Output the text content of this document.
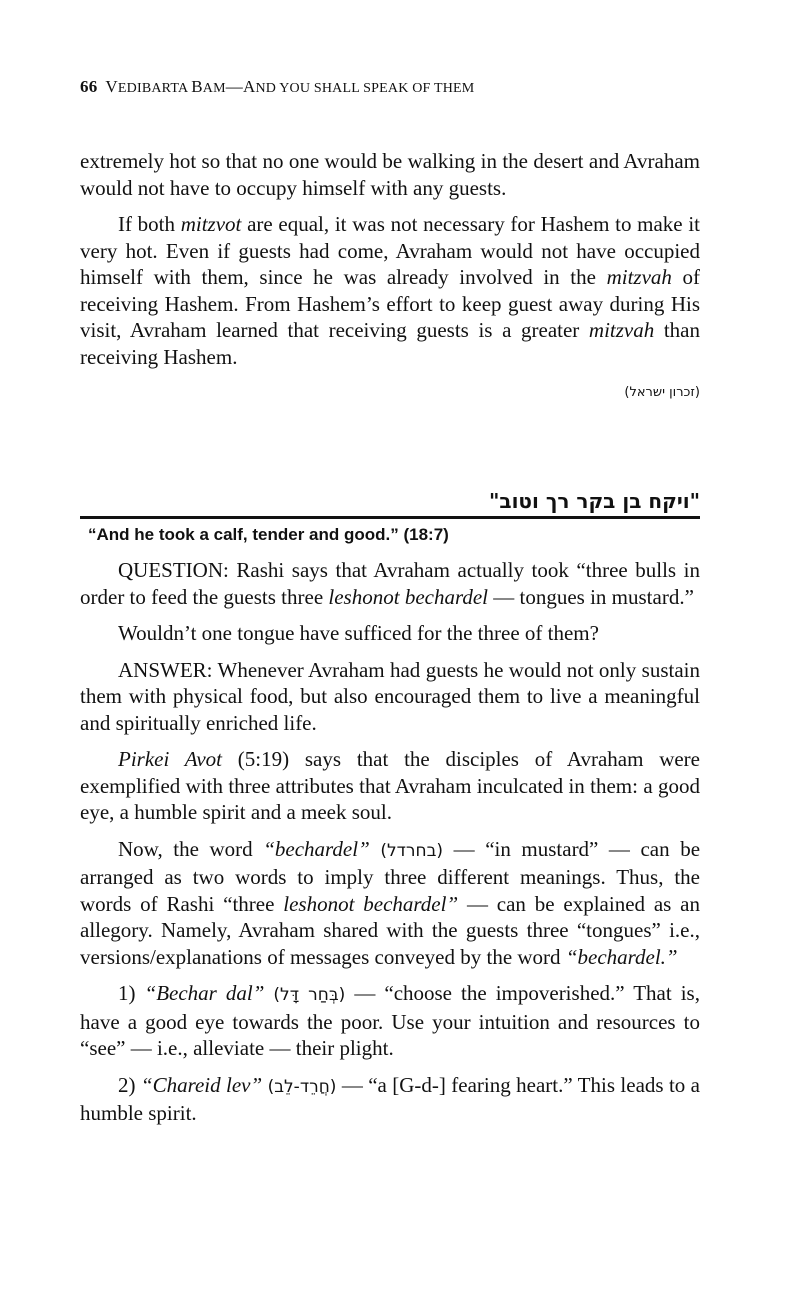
66 VEDIBARTA BAM—AND YOU SHALL SPEAK OF THEM

extremely hot so that no one would be walking in the desert and Avraham would not have to occupy himself with any guests.

If both mitzvot are equal, it was not necessary for Hashem to make it very hot. Even if guests had come, Avraham would not have occupied himself with them, since he was already involved in the mitzvah of receiving Hashem. From Hashem’s effort to keep guest away during His visit, Avraham learned that receiving guests is a greater mitzvah than receiving Hashem.

(זכרון ישראל)
"ויקח בן בקר רך וטוב"
“And he took a calf, tender and good.” (18:7)

QUESTION: Rashi says that Avraham actually took “three bulls in order to feed the guests three leshonot bechardel — tongues in mustard.”

Wouldn’t one tongue have sufficed for the three of them?

ANSWER: Whenever Avraham had guests he would not only sustain them with physical food, but also encouraged them to live a meaningful and spiritually enriched life.

Pirkei Avot (5:19) says that the disciples of Avraham were exemplified with three attributes that Avraham inculcated in them: a good eye, a humble spirit and a meek soul.

Now, the word “bechardel” (בחרדל) — “in mustard” — can be arranged as two words to imply three different meanings. Thus, the words of Rashi “three leshonot bechardel” — can be explained as an allegory. Namely, Avraham shared with the guests three “tongues” i.e., versions/explanations of messages conveyed by the word “bechardel.”

1) “Bechar dal” (בְּחַר דָּל) — “choose the impoverished.” That is, have a good eye towards the poor. Use your intuition and resources to “see” — i.e., alleviate — their plight.

2) “Chareid lev” (חֲרֵד-לֵב) — “a [G-d-] fearing heart.” This leads to a humble spirit.
